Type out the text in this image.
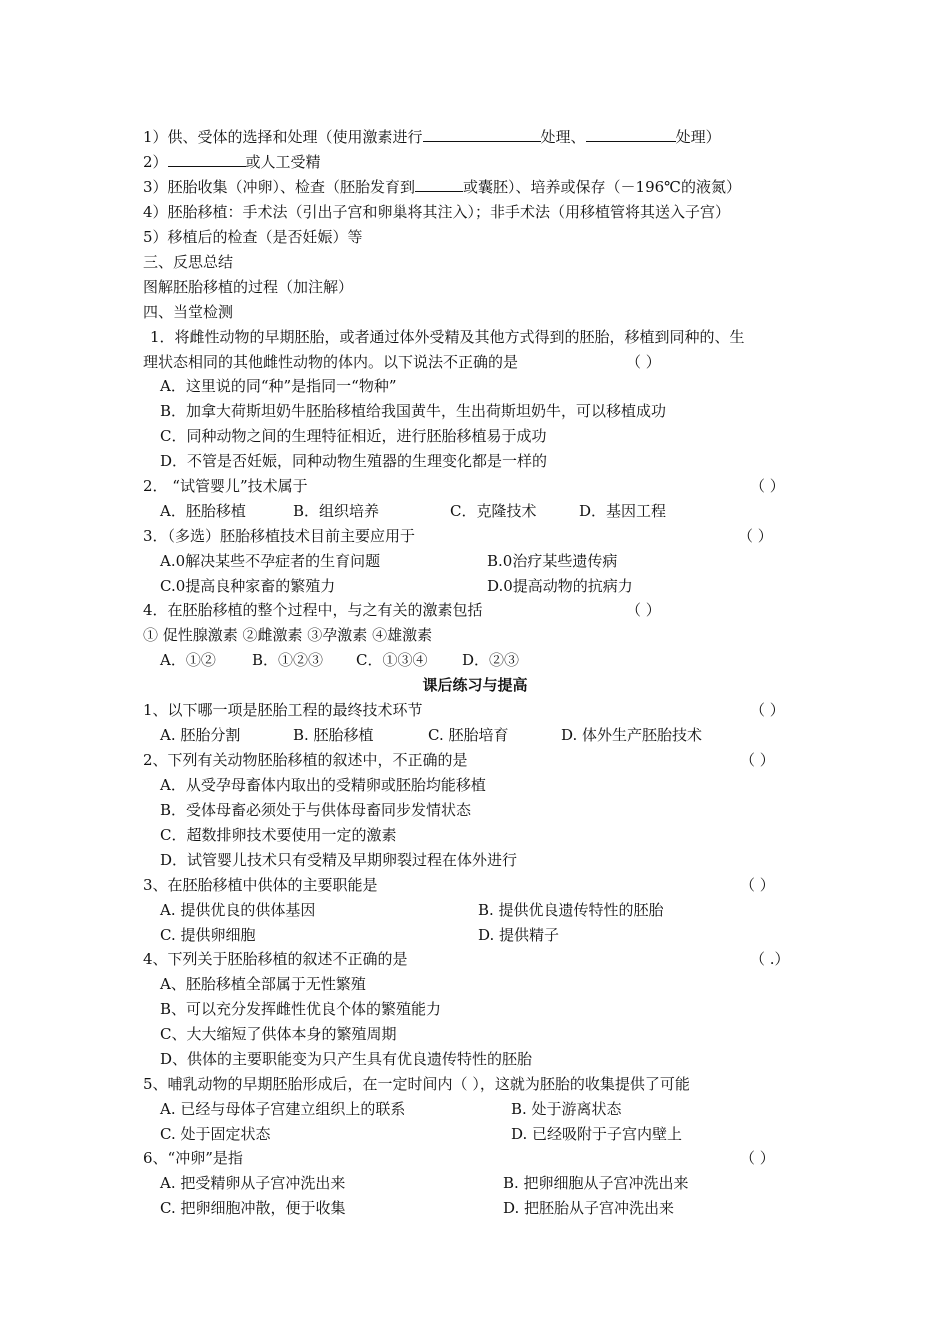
1）供、受体的选择和处理（使用激素进行	处理、	处理）
2）	或人工受精
3）胚胎收集（冲卵）、检查（胚胎发育到	或囊胚）、培养或保存（－196℃的液氮）
4）胚胎移植：手术法（引出子宫和卵巢将其注入）；非手术法（用移植管将其送入子宫）
5）移植后的检查（是否妊娠）等
三、反思总结
图解胚胎移植的过程（加注解）
四、当堂检测
1．将雌性动物的早期胚胎，或者通过体外受精及其他方式得到的胚胎，移植到同种的、生
理状态相同的其他雌性动物的体内。以下说法不正确的是	（ ）
A．这里说的同“种”是指同一“物种”
B．加拿大荷斯坦奶牛胚胎移植给我国黄牛，生出荷斯坦奶牛，可以移植成功
C．同种动物之间的生理特征相近，进行胚胎移植易于成功
D．不管是否妊娠，同种动物生殖器的生理变化都是一样的
2． “试管婴儿”技术属于	（ ）
A．胚胎移植	B．组织培养	C．克隆技术	D．基因工程
3．（多选）胚胎移植技术目前主要应用于	（ ）
A.0解决某些不孕症者的生育问题	B.0治疗某些遗传病
C.0提高良种家畜的繁殖力	D.0提高动物的抗病力
4．在胚胎移植的整个过程中，与之有关的激素包括	（ ）
① 促性腺激素 ②雌激素 ③孕激素 ④雄激素
A．①② B．①②③ C．①③④ D．②③
课后练习与提高
1、以下哪一项是胚胎工程的最终技术环节	（ ）
A. 胚胎分割	B. 胚胎移植	C. 胚胎培育	D. 体外生产胚胎技术
2、下列有关动物胚胎移植的叙述中，不正确的是	（ ）
A．从受孕母畜体内取出的受精卵或胚胎均能移植
B．受体母畜必须处于与供体母畜同步发情状态
C．超数排卵技术要使用一定的激素
D．试管婴儿技术只有受精及早期卵裂过程在体外进行
3、在胚胎移植中供体的主要职能是	（ ）
A. 提供优良的供体基因	B. 提供优良遗传特性的胚胎
C. 提供卵细胞	D. 提供精子
4、下列关于胚胎移植的叙述不正确的是	（ .）
A、胚胎移植全部属于无性繁殖
B、可以充分发挥雌性优良个体的繁殖能力
C、大大缩短了供体本身的繁殖周期
D、供体的主要职能变为只产生具有优良遗传特性的胚胎
5、哺乳动物的早期胚胎形成后，在一定时间内（ ），这就为胚胎的收集提供了可能
A. 已经与母体子宫建立组织上的联系	B. 处于游离状态
C. 处于固定状态	D. 已经吸附于子宫内壁上
6、“冲卵”是指	（ ）
A. 把受精卵从子宫冲洗出来	B. 把卵细胞从子宫冲洗出来
C. 把卵细胞冲散，便于收集	D. 把胚胎从子宫冲洗出来
